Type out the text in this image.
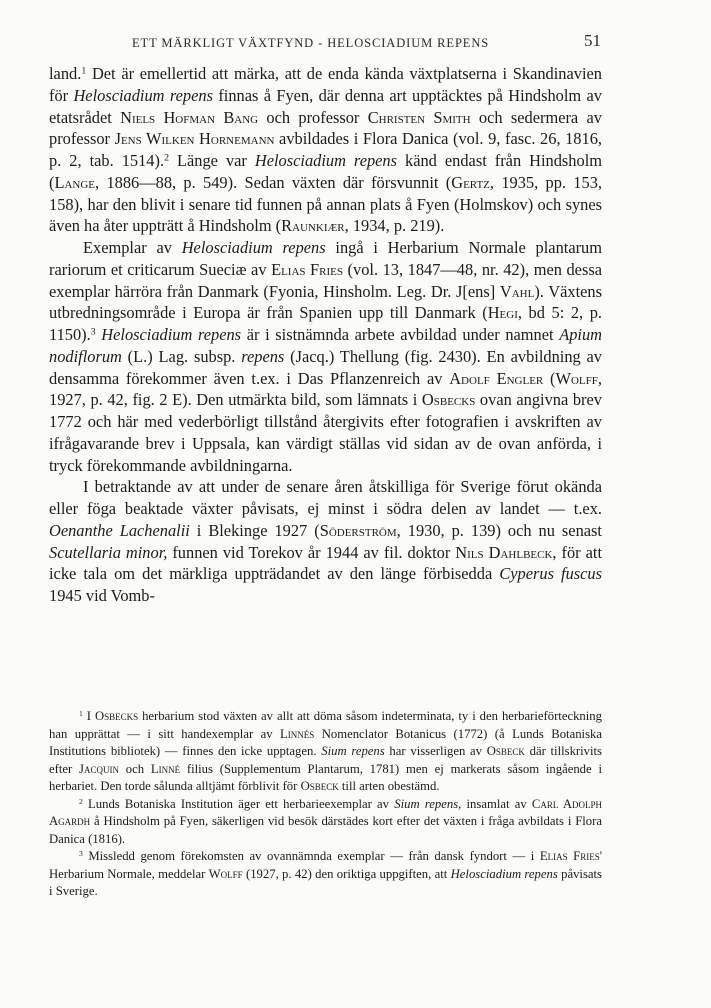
ETT MÄRKLIGT VÄXTFYND - HELOSCIADIUM REPENS	51

land.$^1$ Det är emellertid att märka, att de enda kända växtplatserna i Skandinavien för Helosciadium repens finnas å Fyen, där denna art upptäcktes på Hindsholm av etatsrådet Niels Hofman Bang och professor Christen Smith och sedermera av professor Jens Wilken Hornemann avbildades i Flora Danica (vol. 9, fasc. 26, 1816, p. 2, tab. 1514).$^2$ Länge var Helosciadium repens känd endast från Hindsholm (Lange, 1886—88, p. 549). Sedan växten där försvunnit (Gertz, 1935, pp. 153, 158), har den blivit i senare tid funnen på annan plats å Fyen (Holmskov) och synes även ha åter uppträtt å Hindsholm (Raunkiær, 1934, p. 219).

Exemplar av Helosciadium repens ingå i Herbarium Normale plantarum rariorum et criticarum Sueciæ av Elias Fries (vol. 13, 1847—48, nr. 42), men dessa exemplar härröra från Danmark (Fyonia, Hinsholm. Leg. Dr. J[ens] Vahl). Växtens utbredningsområde i Europa är från Spanien upp till Danmark (Hegi, bd 5: 2, p. 1150).$^3$ Helosciadium repens är i sistnämnda arbete avbildad under namnet Apium nodiflorum (L.) Lag. subsp. repens (Jacq.) Thellung (fig. 2430). En avbildning av densamma förekommer även t.ex. i Das Pflanzenreich av Adolf Engler (Wolff, 1927, p. 42, fig. 2 E). Den utmärkta bild, som lämnats i Osbecks ovan angivna brev 1772 och här med vederbörligt tillstånd återgivits efter fotografien i avskriften av ifrågavarande brev i Uppsala, kan värdigt ställas vid sidan av de ovan anförda, i tryck förekommande avbildningarna.

I betraktande av att under de senare åren åtskilliga för Sverige förut okända eller föga beaktade växter påvisats, ej minst i södra delen av landet — t.ex. Oenanthe Lachenalii i Blekinge 1927 (Söderström, 1930, p. 139) och nu senast Scutellaria minor, funnen vid Torekov år 1944 av fil. doktor Nils Dahlbeck, för att icke tala om det märkliga uppträdandet av den länge förbisedda Cyperus fuscus 1945 vid Vomb-

$^1$ I Osbecks herbarium stod växten av allt att döma såsom indeterminata, ty i den herbarieförteckning han upprättat — i sitt handexemplar av Linnés Nomenclator Botanicus (1772) (å Lunds Botaniska Institutions bibliotek) — finnes den icke upptagen. Sium repens har visserligen av Osbeck där tillskrivits efter Jacquin och Linné filius (Supplementum Plantarum, 1781) men ej markerats såsom ingående i herbariet. Den torde sålunda alltjämt förblivit för Osbeck till arten obestämd.

$^2$ Lunds Botaniska Institution äger ett herbarieexemplar av Sium repens, insamlat av Carl Adolph Agardh å Hindsholm på Fyen, säkerligen vid besök därstädes kort efter det växten i fråga avbildats i Flora Danica (1816).

$^3$ Missledd genom förekomsten av ovannämnda exemplar — från dansk fyndort — i Elias Fries' Herbarium Normale, meddelar Wolff (1927, p. 42) den oriktiga uppgiften, att Helosciadium repens påvisats i Sverige.
